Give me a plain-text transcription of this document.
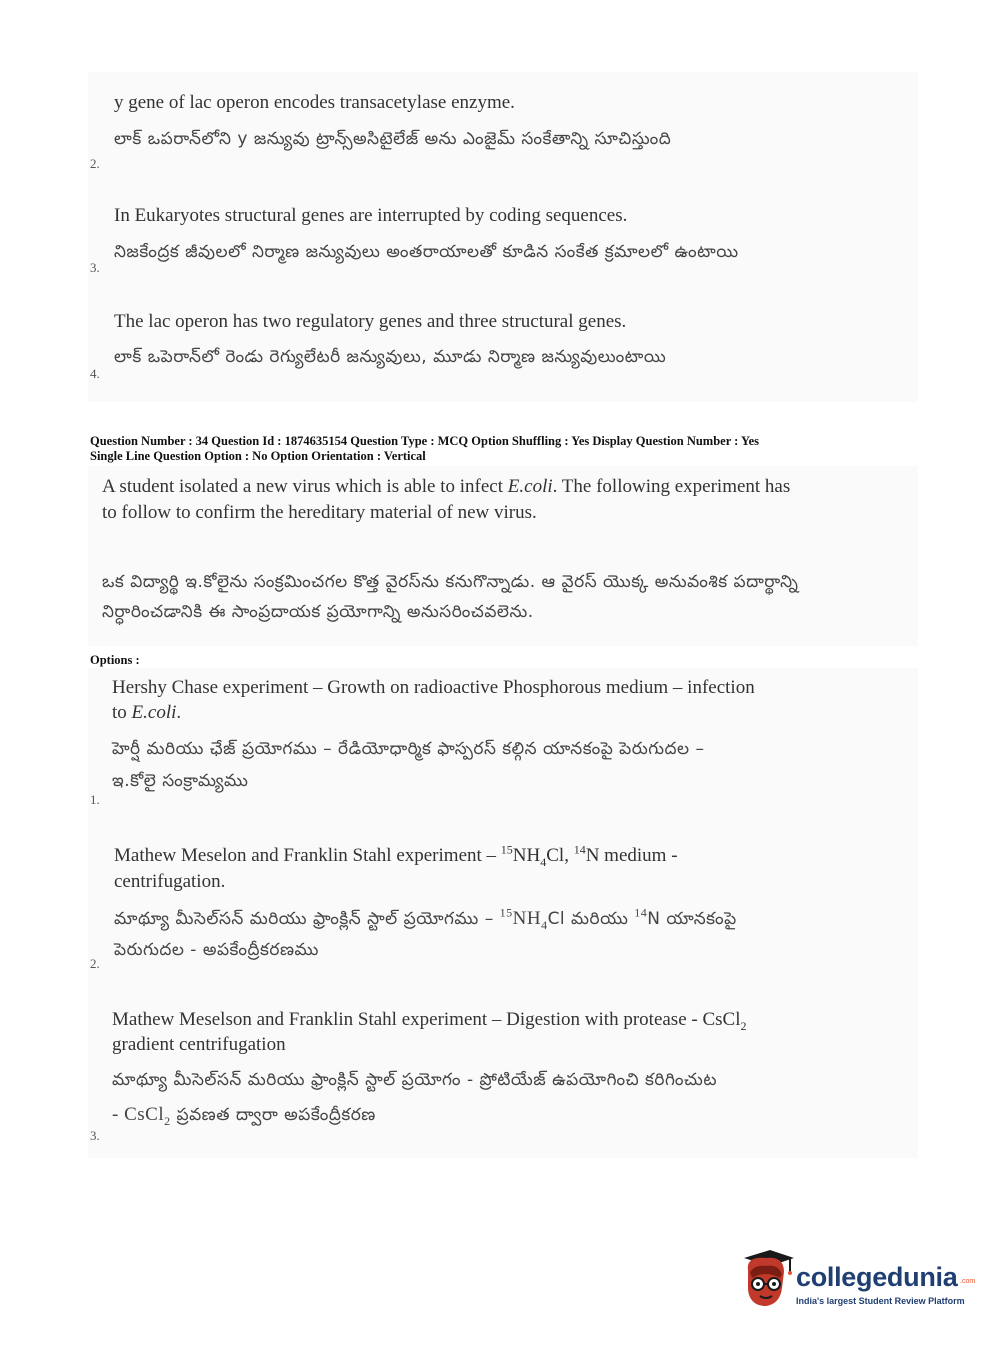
y gene of lac operon encodes transacetylase enzyme.
లాక్ ఒపరాన్‌లోని y జన్యువు ట్రాన్స్‌అసిటైలేజ్ అను ఎంజైమ్ సంకేతాన్ని సూచిస్తుంది
2.
In Eukaryotes structural genes are interrupted by coding sequences.
నిజకేంద్రక జీవులలో నిర్మాణ జన్యువులు అంతరాయాలతో కూడిన సంకేత క్రమాలలో ఉంటాయి
3.
The lac operon has two regulatory genes and three structural genes.
లాక్ ఒపెరాన్‌లో రెండు రెగ్యులేటరీ జన్యువులు, మూడు నిర్మాణ జన్యువులుంటాయి
4.
Question Number : 34 Question Id : 1874635154 Question Type : MCQ Option Shuffling : Yes Display Question Number : Yes
Single Line Question Option : No Option Orientation : Vertical
A student isolated a new virus which is able to infect E.coli. The following experiment has
to follow to confirm the hereditary material of new virus.
ఒక విద్యార్థి ఇ.కోలైను సంక్రమించగల కొత్త వైరస్‌ను కనుగొన్నాడు. ఆ వైరస్ యొక్క అనువంశిక పదార్థాన్ని
నిర్ధారించడానికి ఈ సాంప్రదాయక ప్రయోగాన్ని అనుసరించవలెను.
Options :
Hershy Chase experiment – Growth on radioactive Phosphorous medium – infection
to E.coli.
హెర్షీ మరియు ఛేజ్ ప్రయోగము – రేడియోధార్మిక ఫాస్పరస్ కల్గిన యానకంపై పెరుగుదల –
ఇ.కోలై సంక్రామ్యము
1.
Mathew Meselon and Franklin Stahl experiment – $^{15}NH_4Cl$, $^{14}$N medium -
centrifugation.
మాథ్యూ మీసెల్‌సన్ మరియు ఫ్రాంక్లిన్ స్టాల్ ప్రయోగము – $^{15}NH_4Cl$ మరియు $^{14}$N యానకంపై
పెరుగుదల - అపకేంద్రీకరణము
2.
Mathew Meselson and Franklin Stahl experiment – Digestion with protease - CsCl$_2$
gradient centrifugation
మాథ్యూ మీసెల్‌సన్ మరియు ఫ్రాంక్లిన్ స్టాల్ ప్రయోగం - ప్రోటియేజ్ ఉపయోగించి కరిగించుట
- CsCl$_2$ ప్రవణత ద్వారా అపకేంద్రీకరణ
3.
collegedunia .com
India's largest Student Review Platform
